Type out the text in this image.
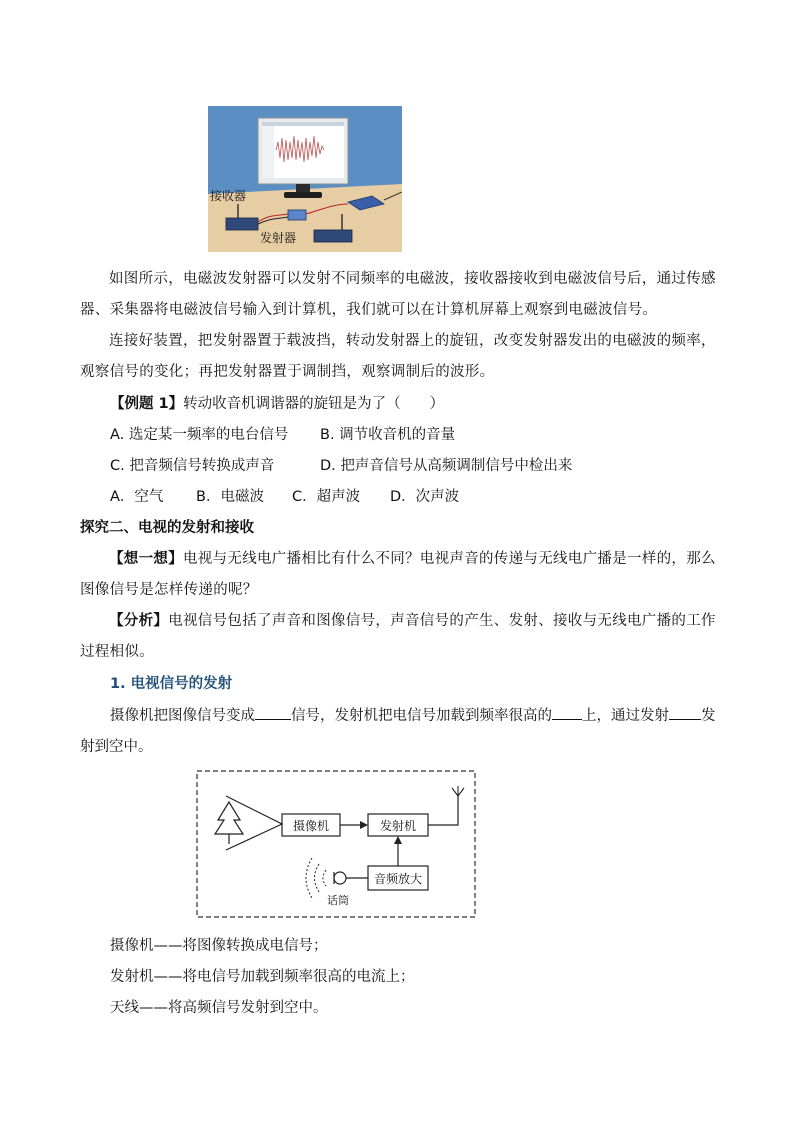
接收器
发射器

如图所示，电磁波发射器可以发射不同频率的电磁波，接收器接收到电磁波信号后，通过传感器、采集器将电磁波信号输入到计算机，我们就可以在计算机屏幕上观察到电磁波信号。

连接好装置，把发射器置于载波挡，转动发射器上的旋钮，改变发射器发出的电磁波的频率，观察信号的变化；再把发射器置于调制挡，观察调制后的波形。

【例题 1】转动收音机调谐器的旋钮是为了（　　）
A. 选定某一频率的电台信号 B. 调节收音机的音量
C. 把音频信号转换成声音	D. 把声音信号从高频调制信号中检出来
A．空气 B．电磁波 C．超声波 D．次声波
探究二、电视的发射和接收

【想一想】电视与无线电广播相比有什么不同？电视声音的传递与无线电广播是一样的，那么图像信号是怎样传递的呢？

【分析】电视信号包括了声音和图像信号，声音信号的产生、发射、接收与无线电广播的工作过程相似。

1. 电视信号的发射
摄像机把图像信号变成 信号，发射机把电信号加载到频率很高的 上，通过发射 发
射到空中。
摄像机	发射机
音频放大
话筒
摄像机——将图像转换成电信号；
发射机——将电信号加载到频率很高的电流上；
天线——将高频信号发射到空中。
